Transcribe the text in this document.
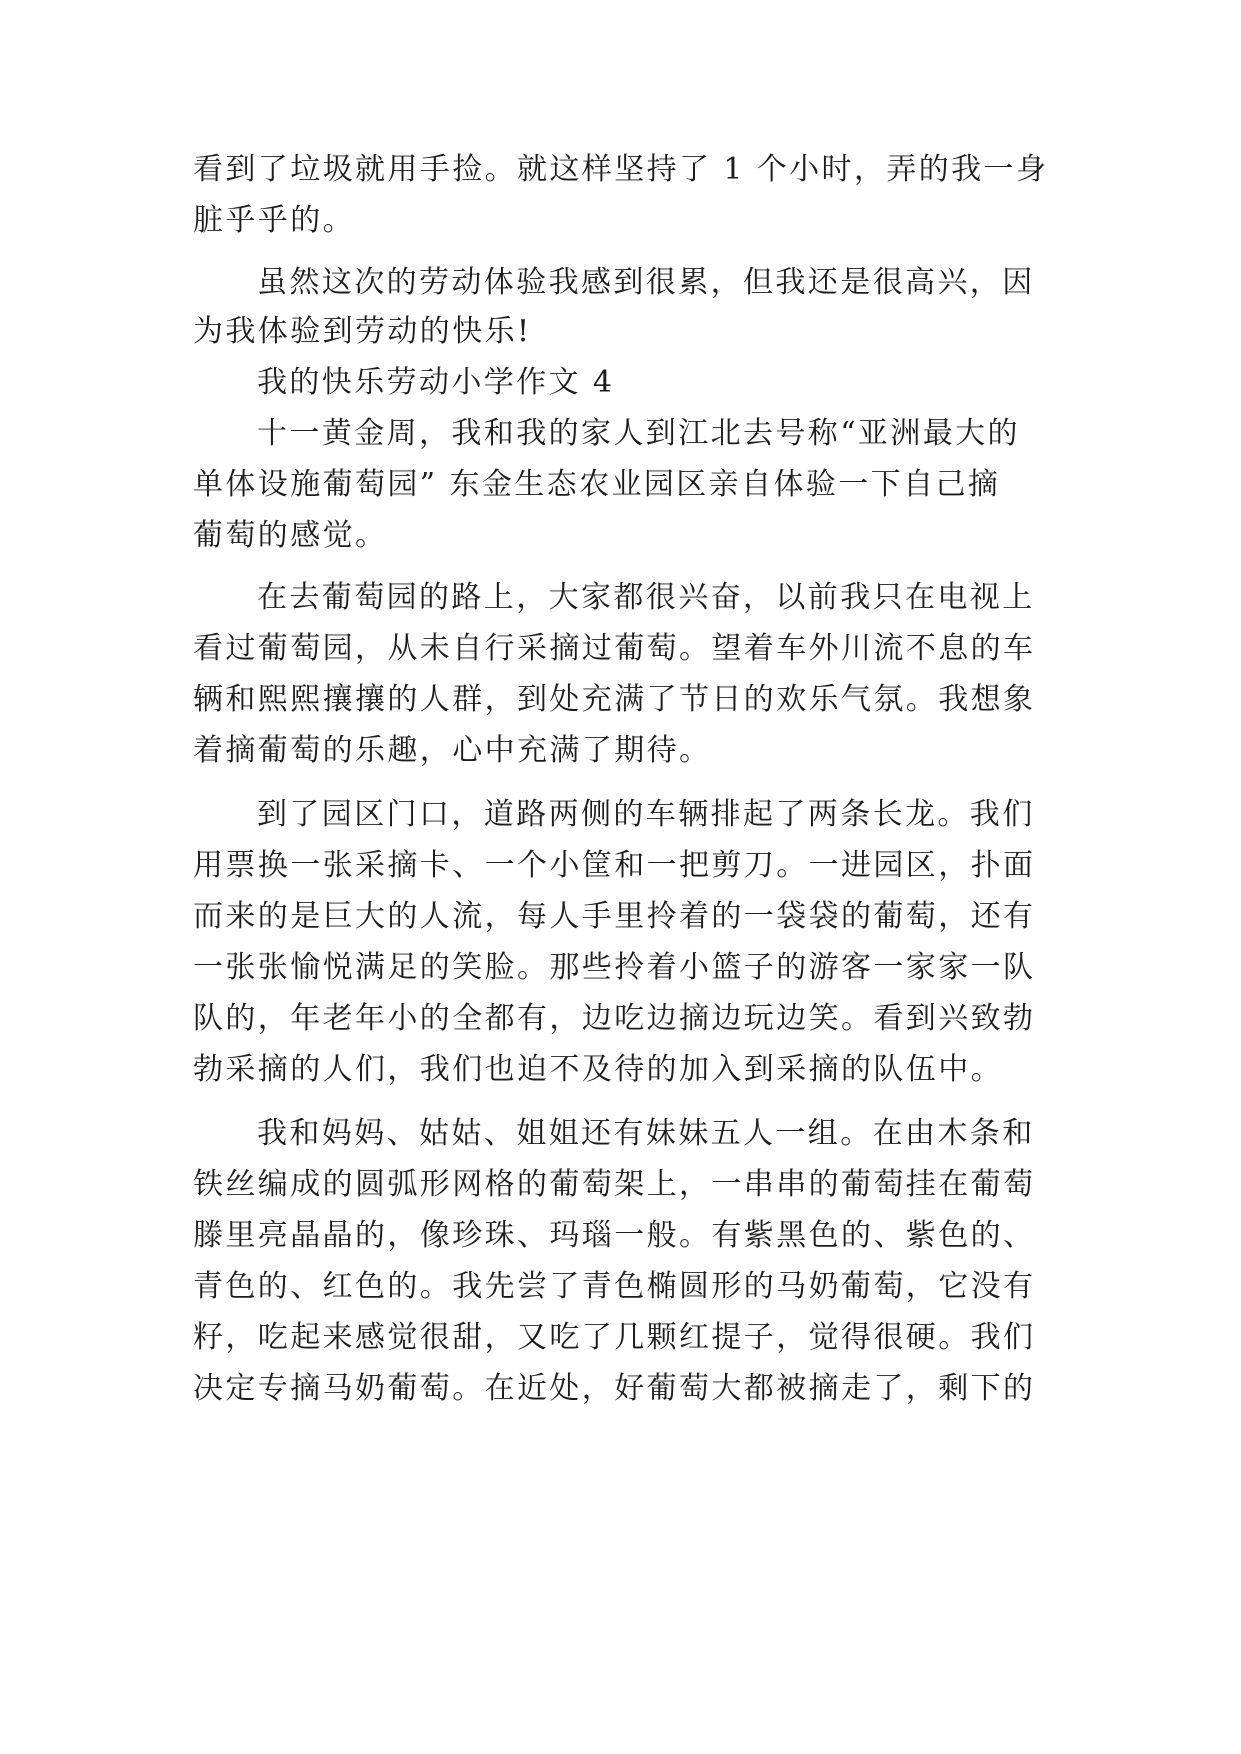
看到了垃圾就用手捡。就这样坚持了 1 个小时，弄的我一身
脏乎乎的。
虽然这次的劳动体验我感到很累，但我还是很高兴，因
为我体验到劳动的快乐!
我的快乐劳动小学作文 4
十一黄金周，我和我的家人到江北去号称“亚洲最大的
单体设施葡萄园” 东金生态农业园区亲自体验一下自己摘
葡萄的感觉。
在去葡萄园的路上，大家都很兴奋，以前我只在电视上
看过葡萄园，从未自行采摘过葡萄。望着车外川流不息的车
辆和熙熙攘攘的人群，到处充满了节日的欢乐气氛。我想象
着摘葡萄的乐趣，心中充满了期待。
到了园区门口，道路两侧的车辆排起了两条长龙。我们
用票换一张采摘卡、一个小筐和一把剪刀。一进园区，扑面
而来的是巨大的人流，每人手里拎着的一袋袋的葡萄，还有
一张张愉悦满足的笑脸。那些拎着小篮子的游客一家家一队
队的，年老年小的全都有，边吃边摘边玩边笑。看到兴致勃
勃采摘的人们，我们也迫不及待的加入到采摘的队伍中。
我和妈妈、姑姑、姐姐还有妹妹五人一组。在由木条和
铁丝编成的圆弧形网格的葡萄架上，一串串的葡萄挂在葡萄
滕里亮晶晶的，像珍珠、玛瑙一般。有紫黑色的、紫色的、
青色的、红色的。我先尝了青色椭圆形的马奶葡萄，它没有
籽，吃起来感觉很甜，又吃了几颗红提子，觉得很硬。我们
决定专摘马奶葡萄。在近处，好葡萄大都被摘走了，剩下的
